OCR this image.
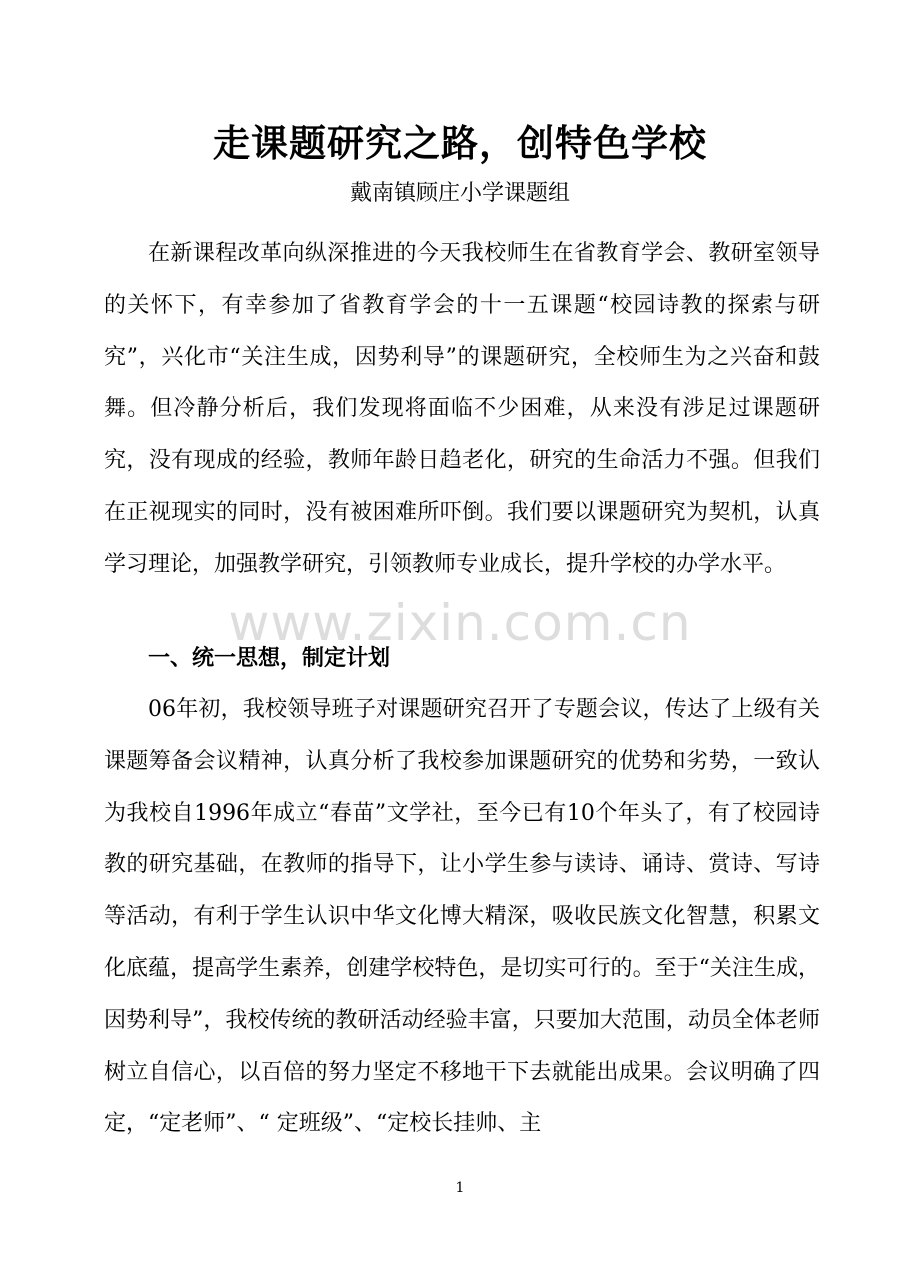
走课题研究之路，创特色学校
戴南镇顾庄小学课题组

在新课程改革向纵深推进的今天我校师生在省教育学会、教研室领导的关怀下，有幸参加了省教育学会的十一五课题“校园诗教的探索与研究”，兴化市“关注生成，因势利导”的课题研究，全校师生为之兴奋和鼓舞。但冷静分析后，我们发现将面临不少困难，从来没有涉足过课题研究，没有现成的经验，教师年龄日趋老化，研究的生命活力不强。但我们在正视现实的同时，没有被困难所吓倒。我们要以课题研究为契机，认真学习理论，加强教学研究，引领教师专业成长，提升学校的办学水平。

www.zixin.com.cn
一、统一思想，制定计划

06年初，我校领导班子对课题研究召开了专题会议，传达了上级有关课题筹备会议精神，认真分析了我校参加课题研究的优势和劣势，一致认为我校自1996年成立“春苗”文学社，至今已有10个年头了，有了校园诗教的研究基础，在教师的指导下，让小学生参与读诗、诵诗、赏诗、写诗等活动，有利于学生认识中华文化博大精深，吸收民族文化智慧，积累文化底蕴，提高学生素养，创建学校特色，是切实可行的。至于“关注生成，因势利导”，我校传统的教研活动经验丰富，只要加大范围，动员全体老师树立自信心，以百倍的努力坚定不移地干下去就能出成果。会议明确了四定，“定老师”、“ 定班级”、“定校长挂帅、主

1
